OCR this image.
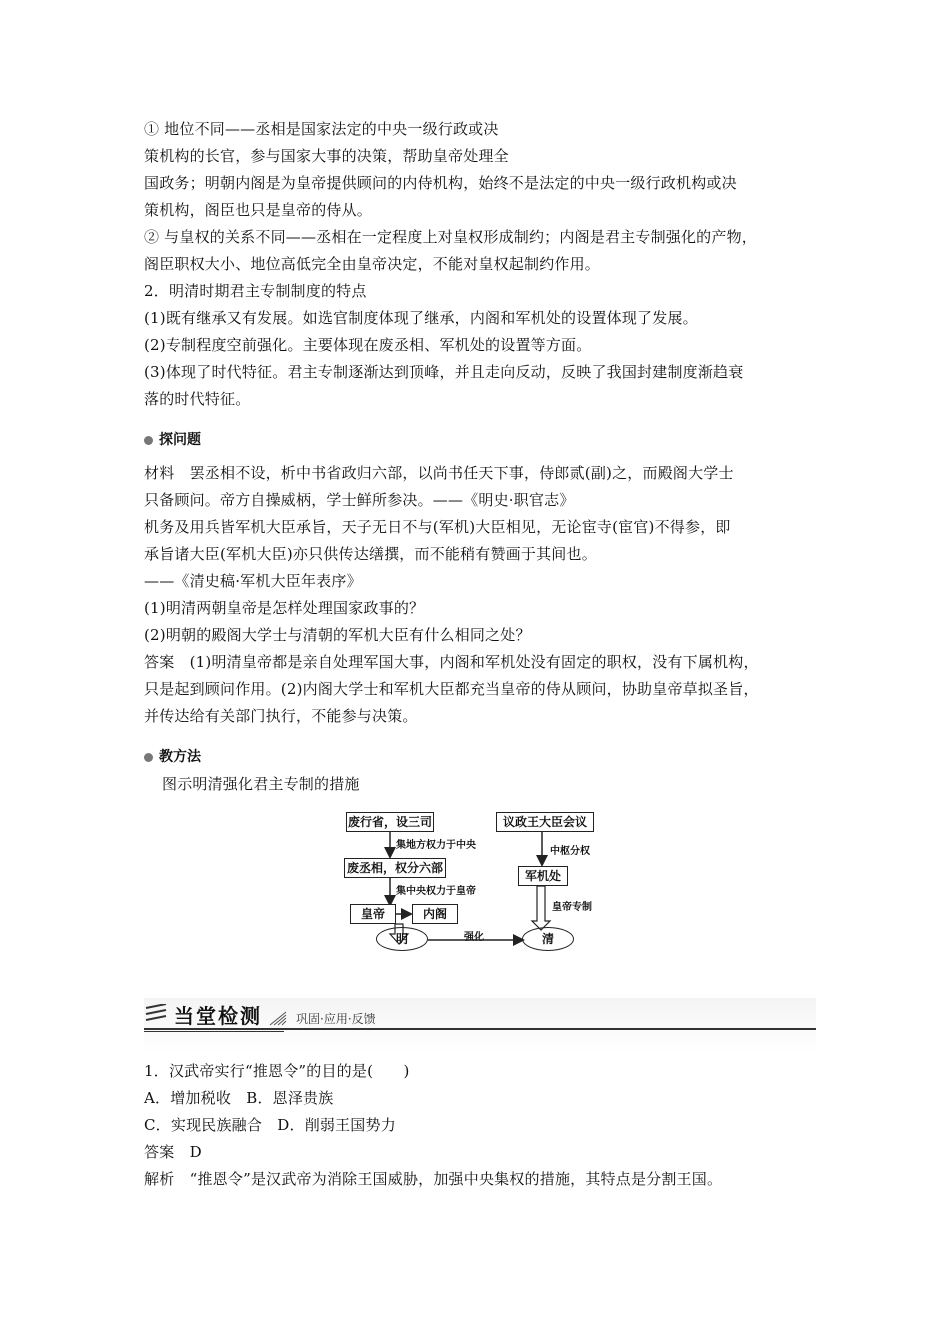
① 地位不同——丞相是国家法定的中央一级行政或决
策机构的长官，参与国家大事的决策，帮助皇帝处理全
国政务；明朝内阁是为皇帝提供顾问的内侍机构，始终不是法定的中央一级行政机构或决
策机构，阁臣也只是皇帝的侍从。
② 与皇权的关系不同——丞相在一定程度上对皇权形成制约；内阁是君主专制强化的产物，
阁臣职权大小、地位高低完全由皇帝决定，不能对皇权起制约作用。
2．明清时期君主专制制度的特点
(1)既有继承又有发展。如选官制度体现了继承，内阁和军机处的设置体现了发展。
(2)专制程度空前强化。主要体现在废丞相、军机处的设置等方面。
(3)体现了时代特征。君主专制逐渐达到顶峰，并且走向反动，反映了我国封建制度渐趋衰
落的时代特征。
探问题
材料　罢丞相不设，析中书省政归六部，以尚书任天下事，侍郎贰(副)之，而殿阁大学士
只备顾问。帝方自操威柄，学士鲜所参决。——《明史·职官志》
机务及用兵皆军机大臣承旨，天子无日不与(军机)大臣相见，无论宦寺(宦官)不得参，即
承旨诸大臣(军机大臣)亦只供传达缮撰，而不能稍有赞画于其间也。
——《清史稿·军机大臣年表序》
(1)明清两朝皇帝是怎样处理国家政事的？
(2)明朝的殿阁大学士与清朝的军机大臣有什么相同之处？
答案　(1)明清皇帝都是亲自处理军国大事，内阁和军机处没有固定的职权，没有下属机构，
只是起到顾问作用。(2)内阁大学士和军机大臣都充当皇帝的侍从顾问，协助皇帝草拟圣旨，
并传达给有关部门执行，不能参与决策。
教方法
图示明清强化君主专制的措施
废行省，设三司
集地方权力于中央
废丞相，权分六部
集中央权力于皇帝
皇帝	内阁
明	强化	清
议政王大臣会议
中枢分权
军机处
皇帝专制
当堂检测	巩固·应用·反馈
1．汉武帝实行“推恩令”的目的是(　　)
A．增加税收　B．恩泽贵族
C．实现民族融合　D．削弱王国势力
答案　D
解析　“推恩令”是汉武帝为消除王国威胁，加强中央集权的措施，其特点是分割王国。
